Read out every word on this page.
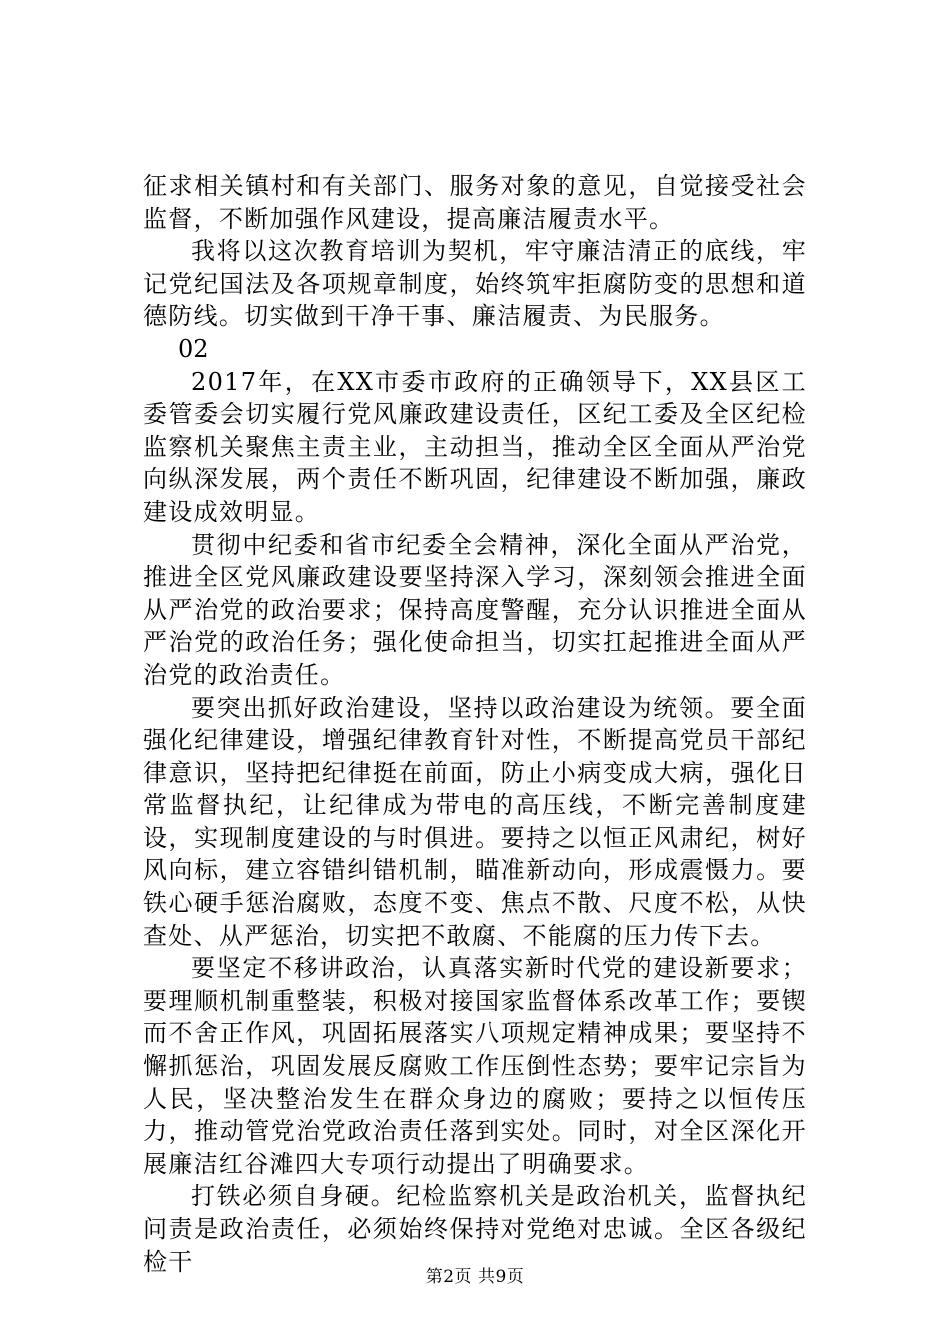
征求相关镇村和有关部门、服务对象的意见，自觉接受社会监督，不断加强作风建设，提高廉洁履责水平。

我将以这次教育培训为契机，牢守廉洁清正的底线，牢记党纪国法及各项规章制度，始终筑牢拒腐防变的思想和道德防线。切实做到干净干事、廉洁履责、为民服务。

02

2017年，在XX市委市政府的正确领导下，XX县区工委管委会切实履行党风廉政建设责任，区纪工委及全区纪检监察机关聚焦主责主业，主动担当，推动全区全面从严治党向纵深发展，两个责任不断巩固，纪律建设不断加强，廉政建设成效明显。

贯彻中纪委和省市纪委全会精神，深化全面从严治党，推进全区党风廉政建设要坚持深入学习，深刻领会推进全面从严治党的政治要求；保持高度警醒，充分认识推进全面从严治党的政治任务；强化使命担当，切实扛起推进全面从严治党的政治责任。

要突出抓好政治建设，坚持以政治建设为统领。要全面强化纪律建设，增强纪律教育针对性，不断提高党员干部纪律意识，坚持把纪律挺在前面，防止小病变成大病，强化日常监督执纪，让纪律成为带电的高压线，不断完善制度建设，实现制度建设的与时俱进。要持之以恒正风肃纪，树好风向标，建立容错纠错机制，瞄准新动向，形成震慑力。要铁心硬手惩治腐败，态度不变、焦点不散、尺度不松，从快查处、从严惩治，切实把不敢腐、不能腐的压力传下去。

要坚定不移讲政治，认真落实新时代党的建设新要求；要理顺机制重整装，积极对接国家监督体系改革工作；要锲而不舍正作风，巩固拓展落实八项规定精神成果；要坚持不懈抓惩治，巩固发展反腐败工作压倒性态势；要牢记宗旨为人民，坚决整治发生在群众身边的腐败；要持之以恒传压力，推动管党治党政治责任落到实处。同时，对全区深化开展廉洁红谷滩四大专项行动提出了明确要求。

打铁必须自身硬。纪检监察机关是政治机关，监督执纪问责是政治责任，必须始终保持对党绝对忠诚。全区各级纪检干

第2页 共9页
